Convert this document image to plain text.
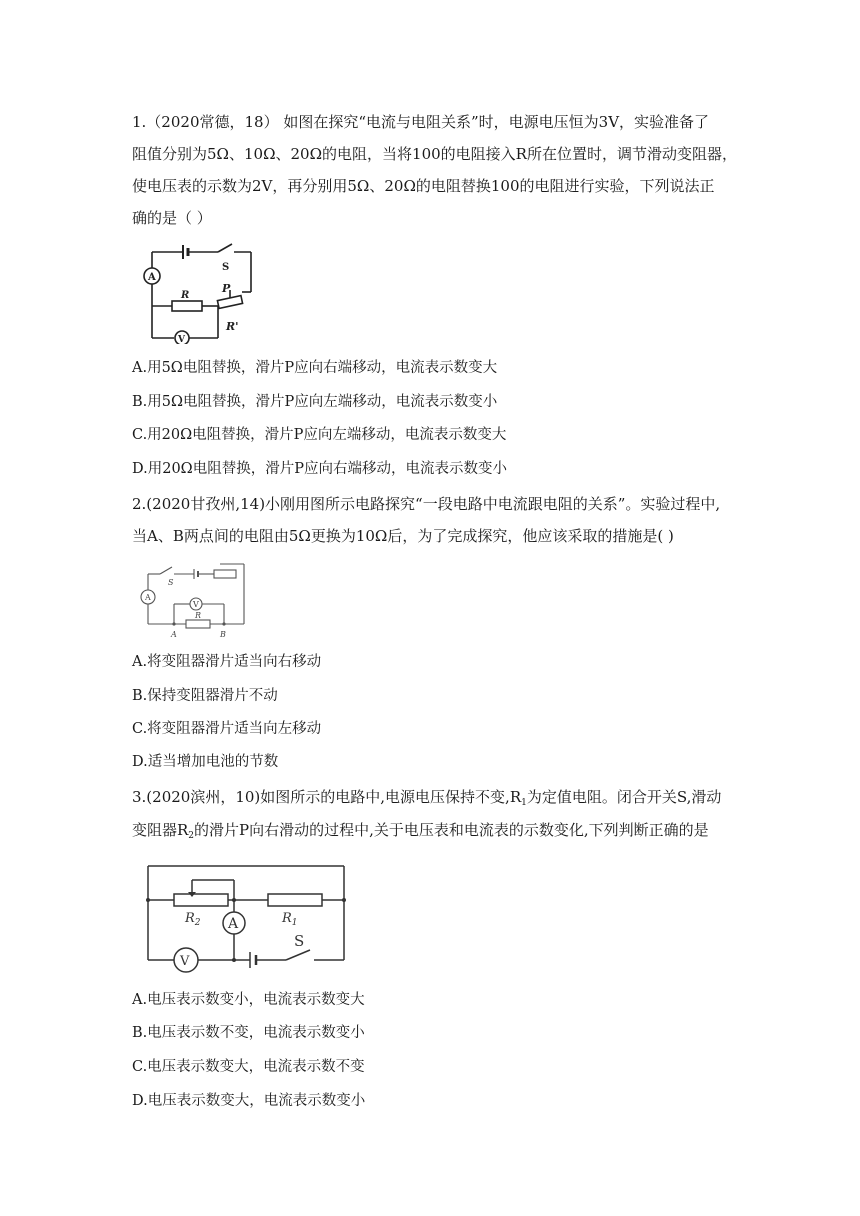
1.（2020常德，18） 如图在探究“电流与电阻关系”时，电源电压恒为3V，实验准备了
阻值分别为5Ω、10Ω、20Ω的电阻，当将100的电阻接入R所在位置时，调节滑动变阻器，
使电压表的示数为2V，再分别用5Ω、20Ω的电阻替换100的电阻进行实验，下列说法正
确的是（ ）
A
V
S
R
P
R'
A.用5Ω电阻替换，滑片P应向右端移动，电流表示数变大
B.用5Ω电阻替换，滑片P应向左端移动，电流表示数变小
C.用20Ω电阻替换，滑片P应向左端移动，电流表示数变大
D.用20Ω电阻替换，滑片P应向右端移动，电流表示数变小
2.(2020甘孜州,14)小刚用图所示电路探究“一段电路中电流跟电阻的关系”。实验过程中,
当A、B两点间的电阻由5Ω更换为10Ω后，为了完成探究，他应该采取的措施是( )
S
A
V
R
A	B
A.将变阻器滑片适当向右移动
B.保持变阻器滑片不动
C.将变阻器滑片适当向左移动
D.适当增加电池的节数
3.(2020滨州，10)如图所示的电路中,电源电压保持不变$,R_1$为定值电阻。闭合开关S,滑动
变阻器$R_2$的滑片P向右滑动的过程中,关于电压表和电流表的示数变化,下列判断正确的是
$R_2$	$R_1$
A
V
S
A.电压表示数变小，电流表示数变大
B.电压表示数不变，电流表示数变小
C.电压表示数变大，电流表示数不变
D.电压表示数变大，电流表示数变小
